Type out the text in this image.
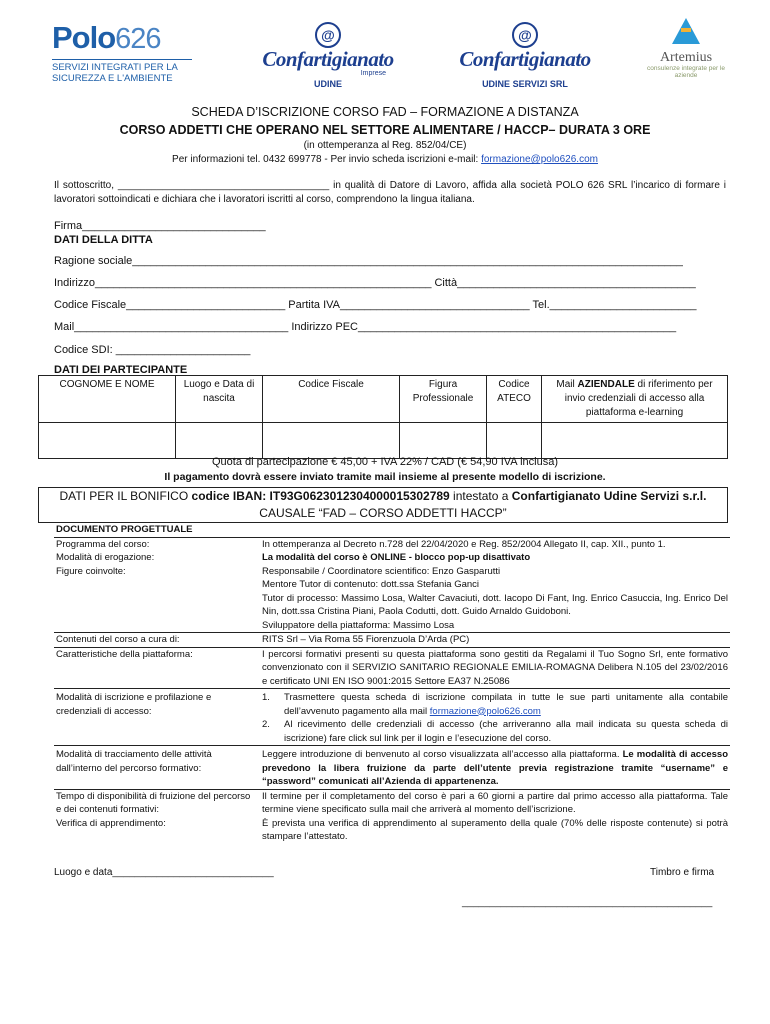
Polo626
SERVIZI INTEGRATI PER LA SICUREZZA E L'AMBIENTE
@
Confartigianato
Imprese
UDINE
@
Confartigianato
UDINE SERVIZI SRL
Artemius
consulenze integrate per le aziende
SCHEDA D’ISCRIZIONE CORSO FAD – FORMAZIONE A DISTANZA
CORSO ADDETTI CHE OPERANO NEL SETTORE ALIMENTARE / HACCP– DURATA 3 ORE
(in ottemperanza al Reg. 852/04/CE)
Per informazioni tel. 0432 699778 - Per invio scheda iscrizioni e-mail: formazione@polo626.com
Il sottoscritto, ______________________________________ in qualità di Datore di Lavoro, affida alla società POLO 626 SRL l’incarico di formare i lavoratori sottoindicati e dichiara che i lavoratori iscritti al corso, comprendono la lingua italiana.
Firma______________________________
DATI DELLA DITTA
Ragione sociale__________________________________________________________________________________________
Indirizzo_______________________________________________________ Città_______________________________________
Codice Fiscale__________________________ Partita IVA_______________________________ Tel.________________________
Mail___________________________________ Indirizzo PEC____________________________________________________
Codice SDI: ______________________
DATI DEI PARTECIPANTE
COGNOME E NOME	Luogo e Data di nascita	Codice Fiscale	Figura Professionale	Codice ATECO	Mail AZIENDALE di riferimento per invio credenziali di accesso alla piattaforma e-learning

Quota di partecipazione € 45,00 + IVA 22% / CAD (€ 54,90 IVA inclusa)
Il pagamento dovrà essere inviato tramite mail insieme al presente modello di iscrizione.
DATI PER IL BONIFICO codice IBAN: IT93G0623012304000015302789 intestato a Confartigianato Udine Servizi s.r.l.
CAUSALE “FAD – CORSO ADDETTI HACCP”
DOCUMENTO PROGETTUALE	
Programma del corso:	In ottemperanza al Decreto n.728 del 22/04/2020 e Reg. 852/2004 Allegato II, cap. XII., punto 1.
Modalità di erogazione:	La modalità del corso è ONLINE - blocco pop-up disattivato
Figure coinvolte:	Responsabile / Coordinatore scientifico: Enzo Gasparutti
Mentore Tutor di contenuto: dott.ssa Stefania Ganci
Tutor di processo: Massimo Losa, Walter Cavaciuti, dott. Iacopo Di Fant, Ing. Enrico Casuccia, Ing. Enrico Del Nin, dott.ssa Cristina Piani, Paola Codutti, dott. Guido Arnaldo Guidoboni.
Sviluppatore della piattaforma: Massimo Losa

Contenuti del corso a cura di:	RITS Srl – Via Roma 55 Fiorenzuola D’Arda (PC)
Caratteristiche della piattaforma:	I percorsi formativi presenti su questa piattaforma sono gestiti da Regalami il Tuo Sogno Srl, ente formativo convenzionato con il SERVIZIO SANITARIO REGIONALE EMILIA-ROMAGNA Delibera N.105 del 23/02/2016 e certificato UNI EN ISO 9001:2015 Settore EA37 N.25086
Modalità di iscrizione e profilazione e credenziali di accesso:	1. Trasmettere questa scheda di iscrizione compilata in tutte le sue parti unitamente alla contabile dell’avvenuto pagamento alla mail formazione@polo626.com
2. Al ricevimento delle credenziali di accesso (che arriveranno alla mail indicata su questa scheda di iscrizione) fare click sul link per il login e l’esecuzione del corso.

Modalità di tracciamento delle attività dall’interno del percorso formativo:	Leggere introduzione di benvenuto al corso visualizzata all’accesso alla piattaforma. Le modalità di accesso prevedono la libera fruizione da parte dell’utente previa registrazione tramite “username” e “password” comunicati all’Azienda di appartenenza.
Tempo di disponibilità di fruizione del percorso e dei contenuti formativi:	Il termine per il completamento del corso è pari a 60 giorni a partire dal primo accesso alla piattaforma. Tale termine viene specificato sulla mail che arriverà al momento dell’iscrizione.
Verifica di apprendimento:	È prevista una verifica di apprendimento al superamento della quale (70% delle risposte contenute) si potrà stampare l’attestato.
Luogo e data_____________________________	Timbro e firma
_____________________________________________
